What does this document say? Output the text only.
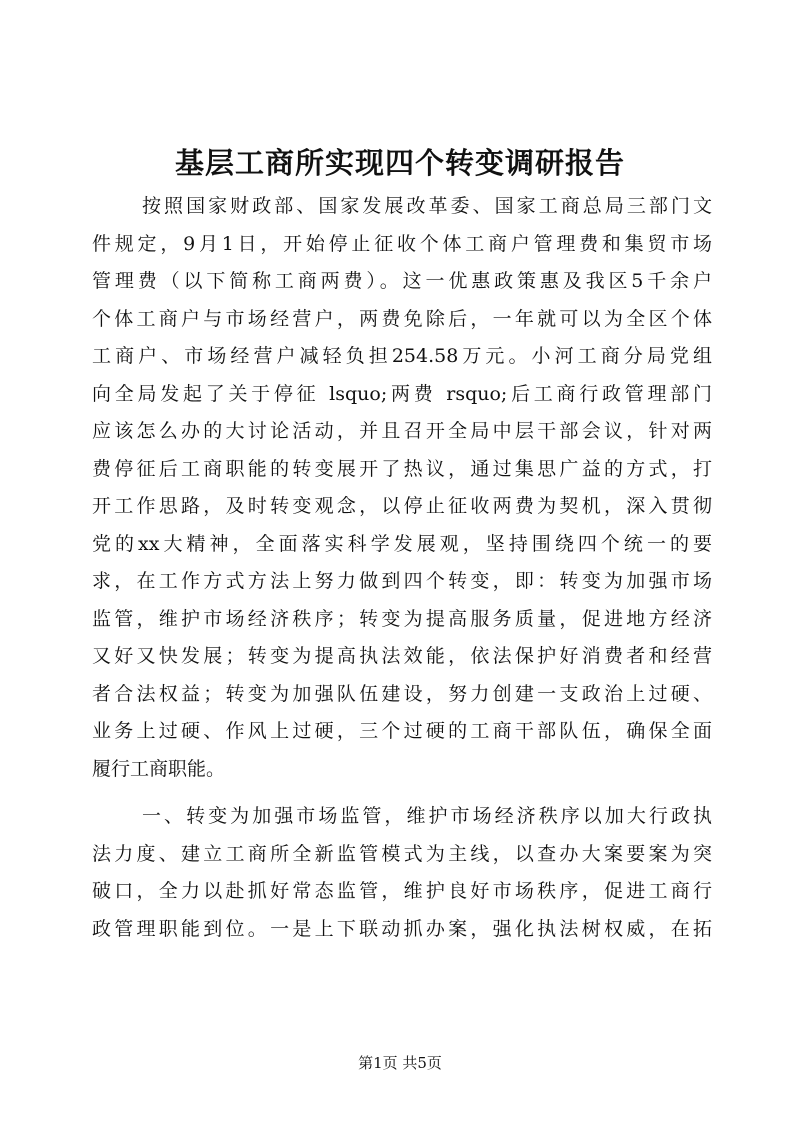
基层工商所实现四个转变调研报告
按照国家财政部、国家发展改革委、国家工商总局三部门文
件规定，9月1日，开始停止征收个体工商户管理费和集贸市场
管理费（以下简称工商两费）。这一优惠政策惠及我区5千余户
个体工商户与市场经营户，两费免除后，一年就可以为全区个体
工商户、市场经营户减轻负担254.58万元。小河工商分局党组
向全局发起了关于停征 lsquo;两费 rsquo;后工商行政管理部门
应该怎么办的大讨论活动，并且召开全局中层干部会议，针对两
费停征后工商职能的转变展开了热议，通过集思广益的方式，打
开工作思路，及时转变观念，以停止征收两费为契机，深入贯彻
党的xx大精神，全面落实科学发展观，坚持围绕四个统一的要
求，在工作方式方法上努力做到四个转变，即：转变为加强市场
监管，维护市场经济秩序；转变为提高服务质量，促进地方经济
又好又快发展；转变为提高执法效能，依法保护好消费者和经营
者合法权益；转变为加强队伍建设，努力创建一支政治上过硬、
业务上过硬、作风上过硬，三个过硬的工商干部队伍，确保全面
履行工商职能。
一、转变为加强市场监管，维护市场经济秩序以加大行政执
法力度、建立工商所全新监管模式为主线，以查办大案要案为突
破口，全力以赴抓好常态监管，维护良好市场秩序，促进工商行
政管理职能到位。一是上下联动抓办案，强化执法树权威，在拓
第1页 共5页
